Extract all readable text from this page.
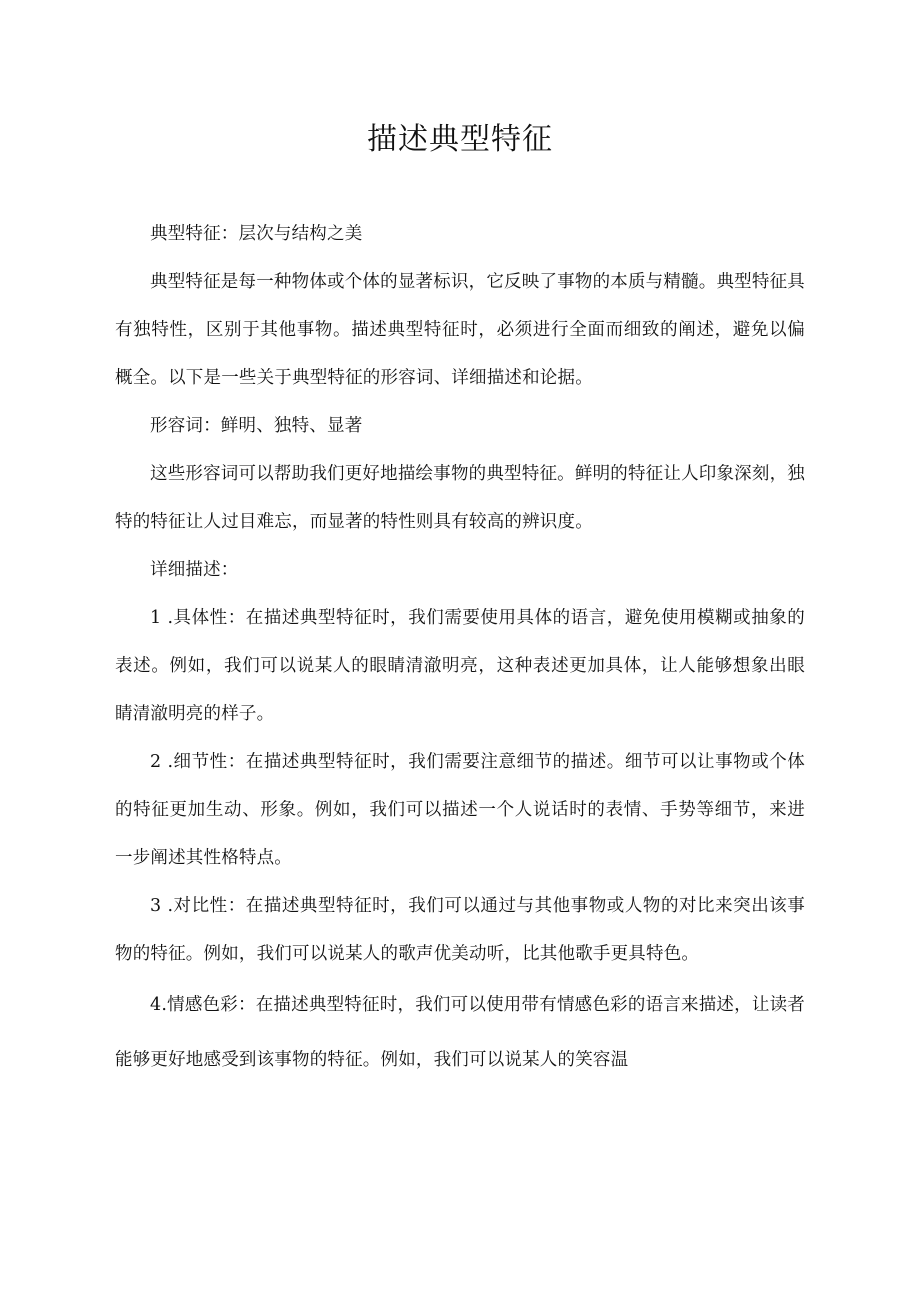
描述典型特征

典型特征：层次与结构之美

典型特征是每一种物体或个体的显著标识，它反映了事物的本质与精髓。典型特征具有独特性，区别于其他事物。描述典型特征时，必须进行全面而细致的阐述，避免以偏概全。以下是一些关于典型特征的形容词、详细描述和论据。

形容词：鲜明、独特、显著

这些形容词可以帮助我们更好地描绘事物的典型特征。鲜明的特征让人印象深刻，独特的特征让人过目难忘，而显著的特性则具有较高的辨识度。

详细描述：

1 .具体性：在描述典型特征时，我们需要使用具体的语言，避免使用模糊或抽象的表述。例如，我们可以说某人的眼睛清澈明亮，这种表述更加具体，让人能够想象出眼睛清澈明亮的样子。

2 .细节性：在描述典型特征时，我们需要注意细节的描述。细节可以让事物或个体的特征更加生动、形象。例如，我们可以描述一个人说话时的表情、手势等细节，来进一步阐述其性格特点。

3 .对比性：在描述典型特征时，我们可以通过与其他事物或人物的对比来突出该事物的特征。例如，我们可以说某人的歌声优美动听，比其他歌手更具特色。

4.情感色彩：在描述典型特征时，我们可以使用带有情感色彩的语言来描述，让读者能够更好地感受到该事物的特征。例如，我们可以说某人的笑容温
